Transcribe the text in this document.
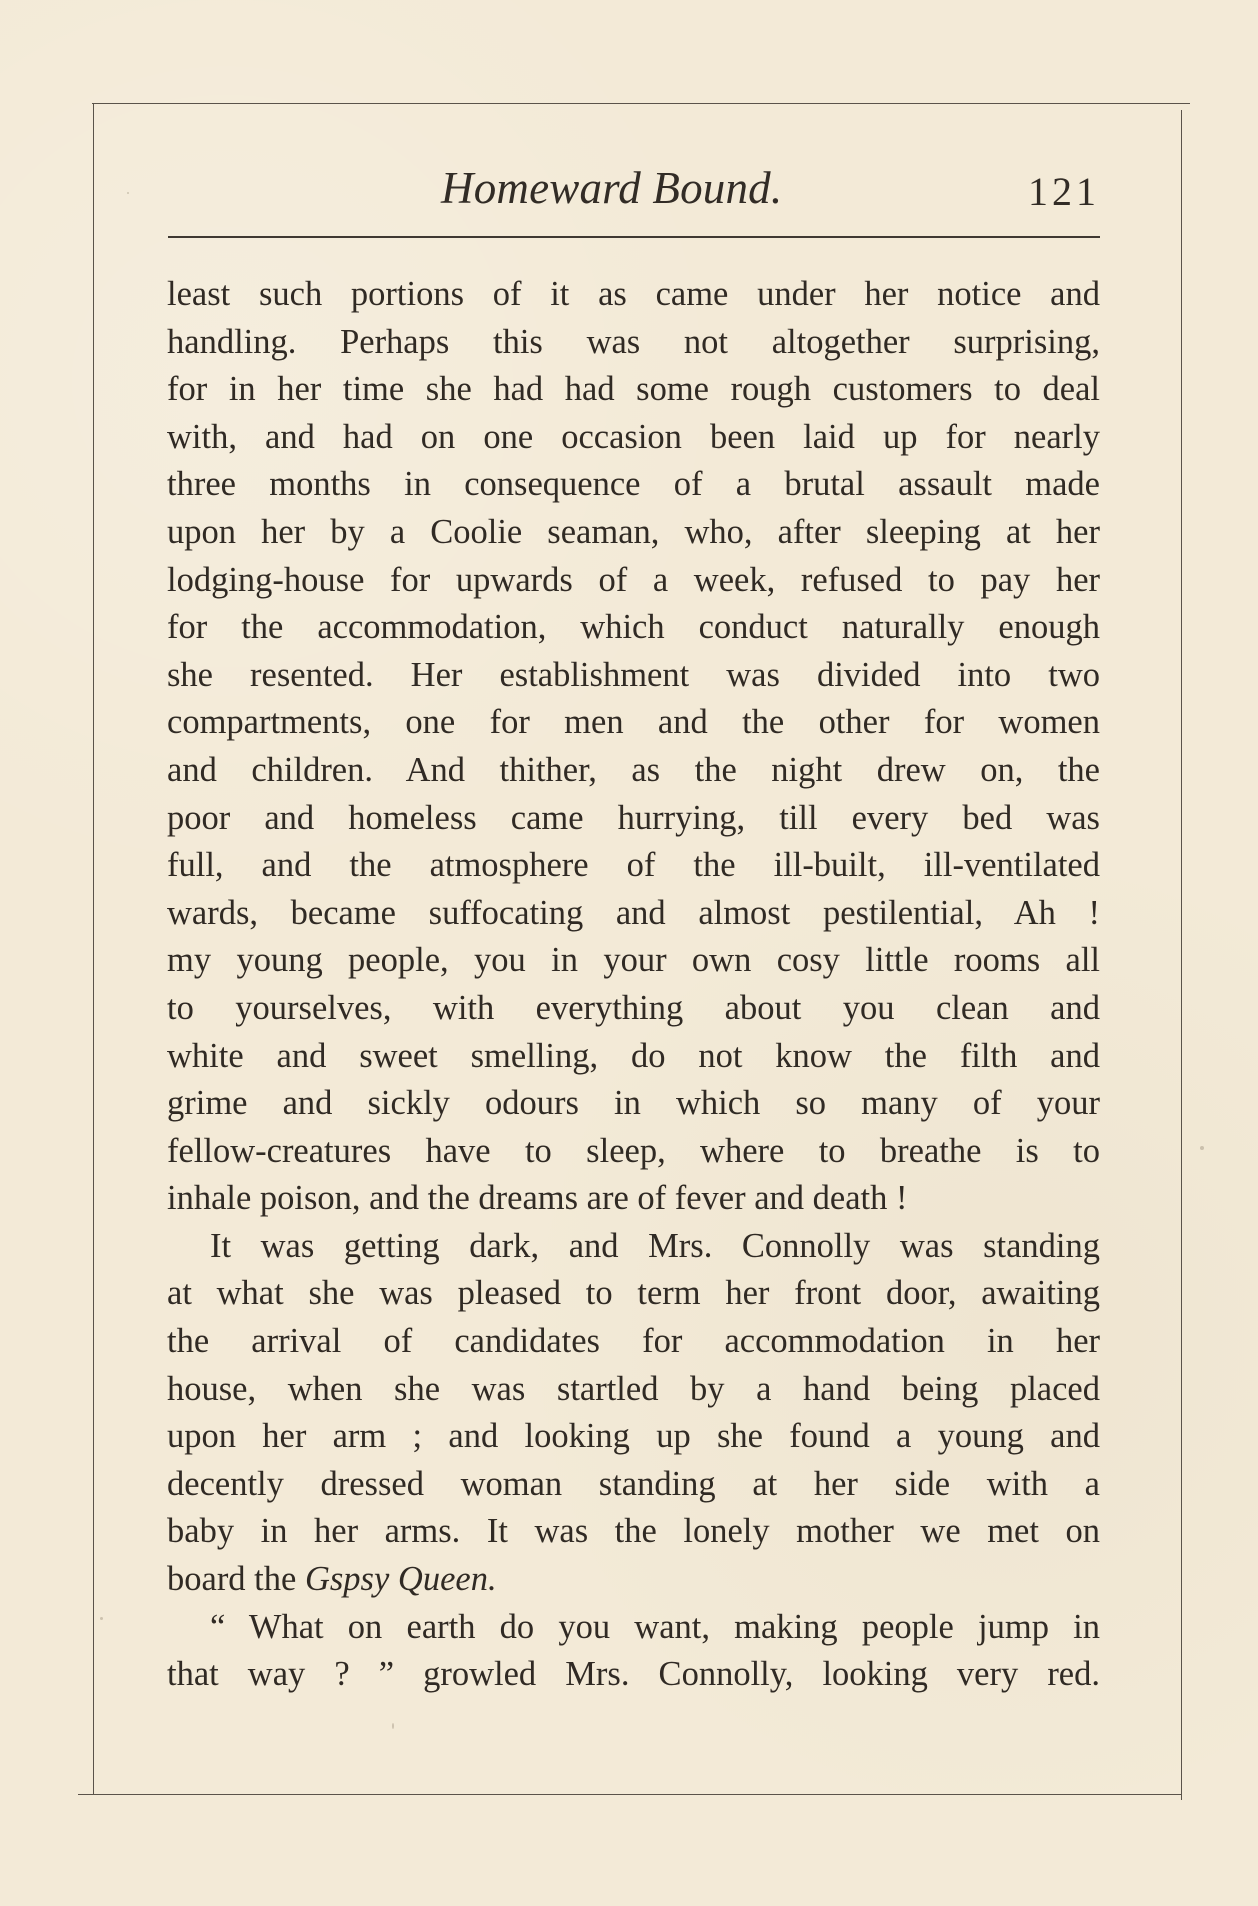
Homeward Bound.	121
least such portions of it as came under her notice and
handling. Perhaps this was not altogether surprising,
for in her time she had had some rough customers to deal
with, and had on one occasion been laid up for nearly
three months in consequence of a brutal assault made
upon her by a Coolie seaman, who, after sleeping at her
lodging-house for upwards of a week, refused to pay her
for the accommodation, which conduct naturally enough
she resented. Her establishment was divided into two
compartments, one for men and the other for women
and children. And thither, as the night drew on, the
poor and homeless came hurrying, till every bed was
full, and the atmosphere of the ill-built, ill-ventilated
wards, became suffocating and almost pestilential, Ah !
my young people, you in your own cosy little rooms all
to yourselves, with everything about you clean and
white and sweet smelling, do not know the filth and
grime and sickly odours in which so many of your
fellow-creatures have to sleep, where to breathe is to
inhale poison, and the dreams are of fever and death !
It was getting dark, and Mrs. Connolly was standing
at what she was pleased to term her front door, awaiting
the arrival of candidates for accommodation in her
house, when she was startled by a hand being placed
upon her arm ; and looking up she found a young and
decently dressed woman standing at her side with a
baby in her arms. It was the lonely mother we met on
board the Gspsy Queen.
“ What on earth do you want, making people jump in
that way ? ” growled Mrs. Connolly, looking very red.
